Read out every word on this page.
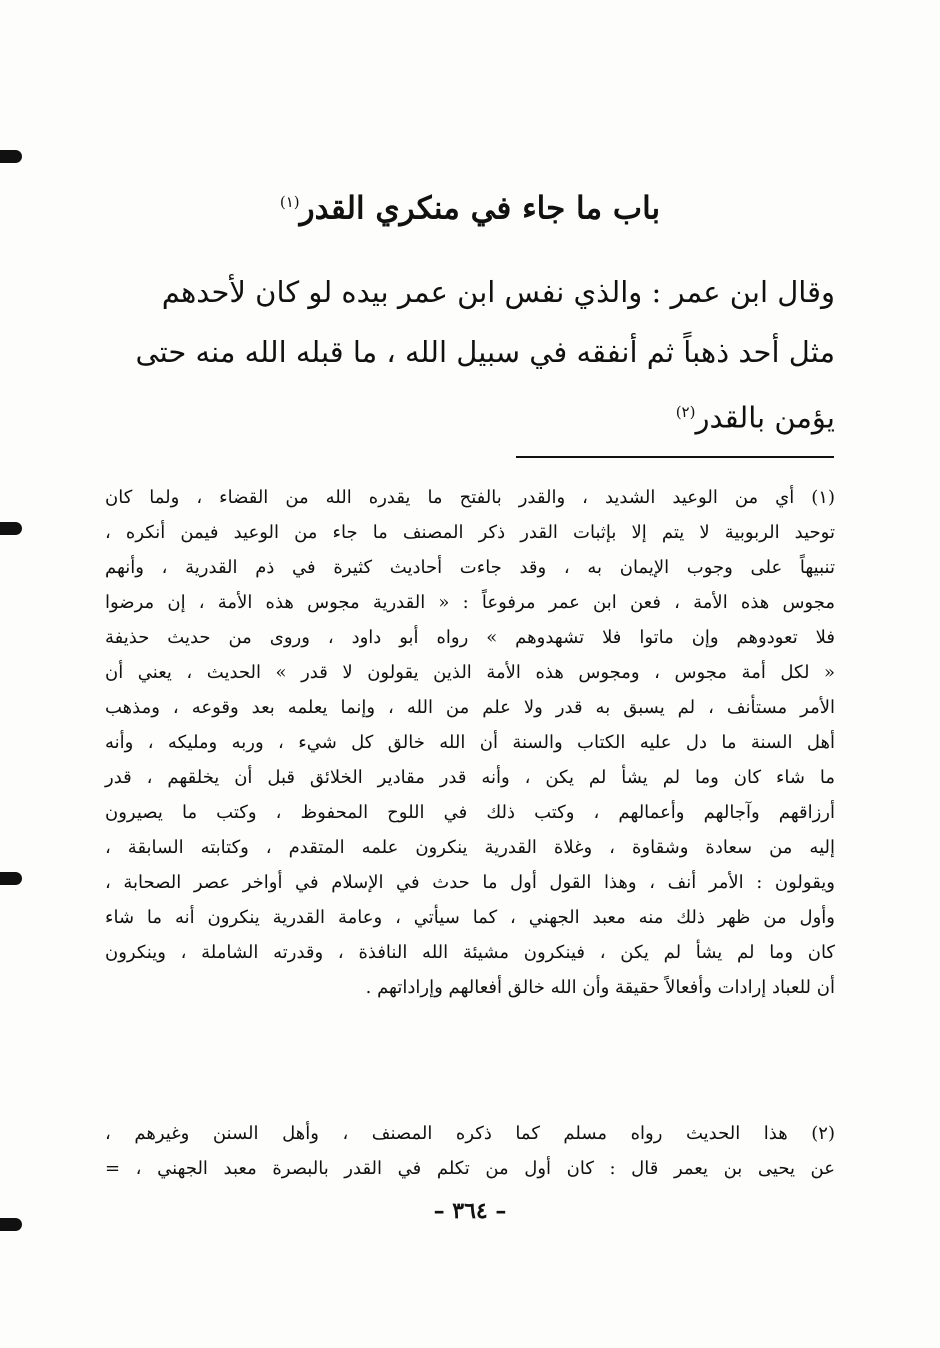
باب ما جاء في منكري القدر$^{(١)}$
وقال ابن عمر : والذي نفس ابن عمر بيده لو كان لأحدهم
مثل أحد ذهباً ثم أنفقه في سبيل الله ، ما قبله الله منه حتى
يؤمن بالقدر$^{(٢)}$
(١) أي من الوعيد الشديد ، والقدر بالفتح ما يقدره الله من القضاء ، ولما كان
توحيد الربوبية لا يتم إلا بإثبات القدر ذكر المصنف ما جاء من الوعيد فيمن أنكره ،
تنبيهاً على وجوب الإيمان به ، وقد جاءت أحاديث كثيرة في ذم القدرية ، وأنهم
مجوس هذه الأمة ، فعن ابن عمر مرفوعاً : « القدرية مجوس هذه الأمة ، إن مرضوا
فلا تعودوهم وإن ماتوا فلا تشهدوهم » رواه أبو داود ، وروى من حديث حذيفة
« لكل أمة مجوس ، ومجوس هذه الأمة الذين يقولون لا قدر » الحديث ، يعني أن
الأمر مستأنف ، لم يسبق به قدر ولا علم من الله ، وإنما يعلمه بعد وقوعه ، ومذهب
أهل السنة ما دل عليه الكتاب والسنة أن الله خالق كل شيء ، وربه ومليكه ، وأنه
ما شاء كان وما لم يشأ لم يكن ، وأنه قدر مقادير الخلائق قبل أن يخلقهم ، قدر
أرزاقهم وآجالهم وأعمالهم ، وكتب ذلك في اللوح المحفوظ ، وكتب ما يصيرون
إليه من سعادة وشقاوة ، وغلاة القدرية ينكرون علمه المتقدم ، وكتابته السابقة ،
ويقولون : الأمر أنف ، وهذا القول أول ما حدث في الإسلام في أواخر عصر الصحابة ،
وأول من ظهر ذلك منه معبد الجهني ، كما سيأتي ، وعامة القدرية ينكرون أنه ما شاء
كان وما لم يشأ لم يكن ، فينكرون مشيئة الله النافذة ، وقدرته الشاملة ، وينكرون
أن للعباد إرادات وأفعالاً حقيقة وأن الله خالق أفعالهم وإراداتهم .
(٢) هذا الحديث رواه مسلم كما ذكره المصنف ، وأهل السنن وغيرهم ،
عن يحيى بن يعمر قال : كان أول من تكلم في القدر بالبصرة معبد الجهني ، =
– ٣٦٤ –
